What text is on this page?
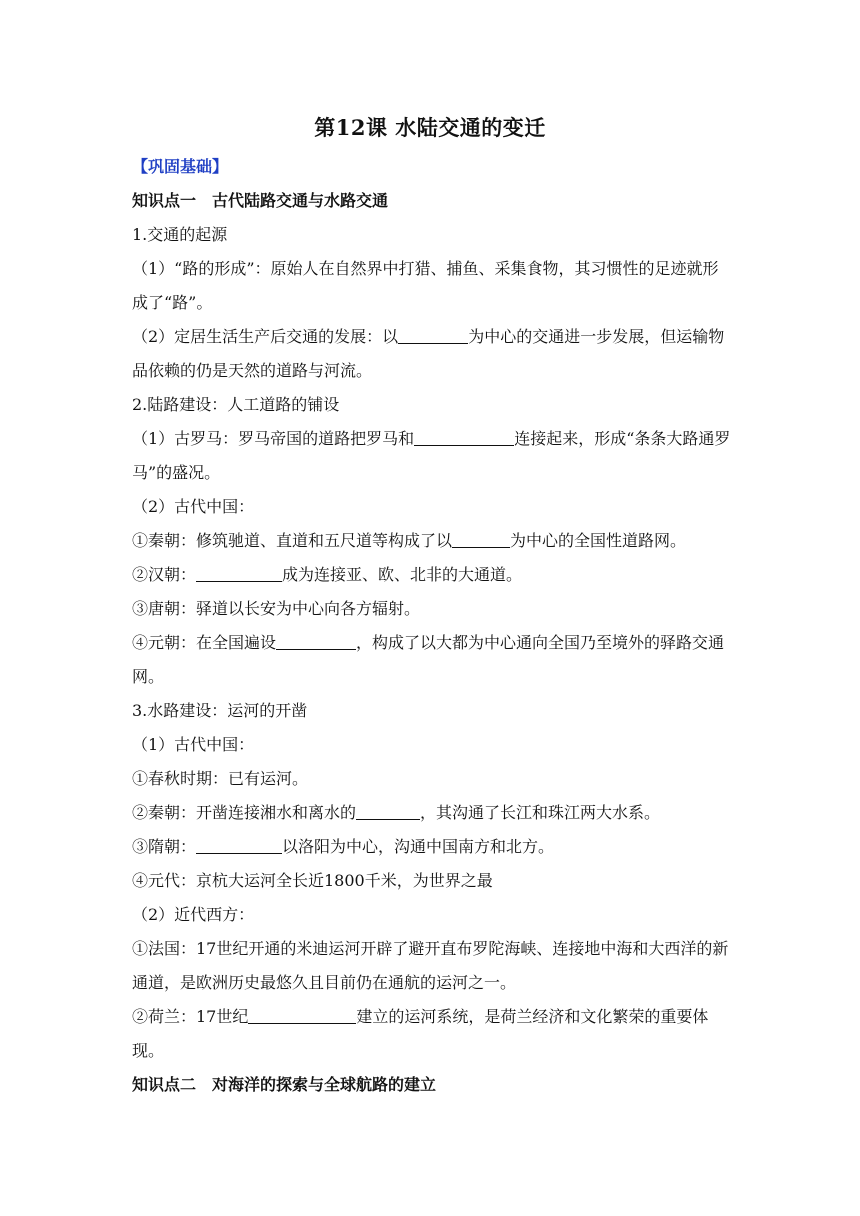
第12课 水陆交通的变迁
【巩固基础】
知识点一　古代陆路交通与水路交通
1.交通的起源
（1）“路的形成”：原始人在自然界中打猎、捕鱼、采集食物，其习惯性的足迹就形成了“路”。
（2）定居生活生产后交通的发展：以	为中心的交通进一步发展，但运输物品依赖的仍是天然的道路与河流。
2.陆路建设：人工道路的铺设
（1）古罗马：罗马帝国的道路把罗马和	连接起来，形成“条条大路通罗马”的盛况。
（2）古代中国：
①秦朝：修筑驰道、直道和五尺道等构成了以	为中心的全国性道路网。
②汉朝：	成为连接亚、欧、北非的大通道。
③唐朝：驿道以长安为中心向各方辐射。
④元朝：在全国遍设	，构成了以大都为中心通向全国乃至境外的驿路交通网。
3.水路建设：运河的开凿
（1）古代中国：
①春秋时期：已有运河。
②秦朝：开凿连接湘水和离水的	，其沟通了长江和珠江两大水系。
③隋朝：	以洛阳为中心，沟通中国南方和北方。
④元代：京杭大运河全长近1800千米，为世界之最
（2）近代西方：
①法国：17世纪开通的米迪运河开辟了避开直布罗陀海峡、连接地中海和大西洋的新通道，是欧洲历史最悠久且目前仍在通航的运河之一。
②荷兰：17世纪	建立的运河系统，是荷兰经济和文化繁荣的重要体现。
知识点二　对海洋的探索与全球航路的建立
